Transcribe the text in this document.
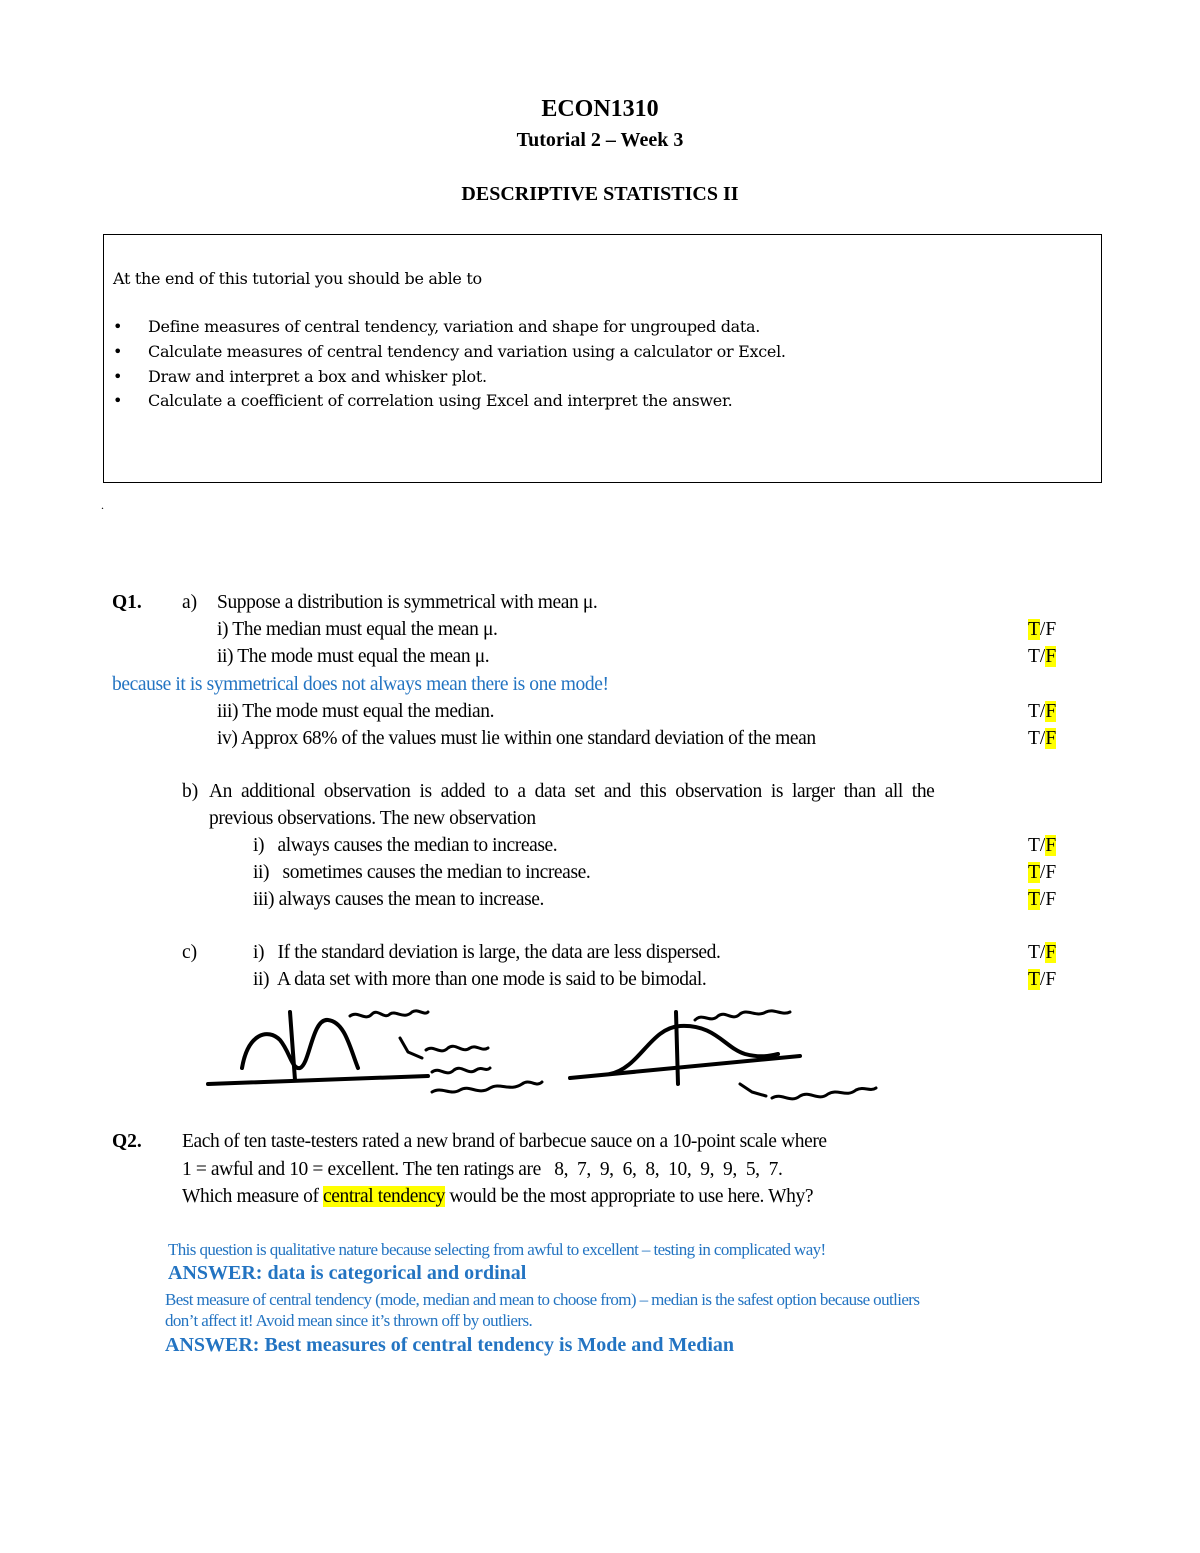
ECON1310
Tutorial 2 – Week 3
DESCRIPTIVE STATISTICS II
At the end of this tutorial you should be able to
• Define measures of central tendency, variation and shape for ungrouped data.
• Calculate measures of central tendency and variation using a calculator or Excel.
• Draw and interpret a box and whisker plot.
• Calculate a coefficient of correlation using Excel and interpret the answer.
.
Q1. a) Suppose a distribution is symmetrical with mean μ.
i) The median must equal the mean μ.	T/F
ii) The mode must equal the mean μ.	T/F
because it is symmetrical does not always mean there is one mode!
iii) The mode must equal the median.	T/F
iv) Approx 68% of the values must lie within one standard deviation of the mean	T/F
b) An  additional  observation  is  added  to  a  data  set  and  this  observation  is  larger  than  all  the
previous observations. The new observation
i)   always causes the median to increase.	T/F
ii)   sometimes causes the median to increase.	T/F
iii) always causes the mean to increase.	T/F
c)	i)   If the standard deviation is large, the data are less dispersed.	T/F
ii)  A data set with more than one mode is said to be bimodal.	T/F
Q2. Each of ten taste-testers rated a new brand of barbecue sauce on a 10-point scale where
1 = awful and 10 = excellent. The ten ratings are   8,  7,  9,  6,  8,  10,  9,  9,  5,  7.
Which measure of central tendency would be the most appropriate to use here. Why?
This question is qualitative nature because selecting from awful to excellent – testing in complicated way!
ANSWER: data is categorical and ordinal
Best measure of central tendency (mode, median and mean to choose from) – median is the safest option because outliers
don’t affect it! Avoid mean since it’s thrown off by outliers.
ANSWER: Best measures of central tendency is Mode and Median
